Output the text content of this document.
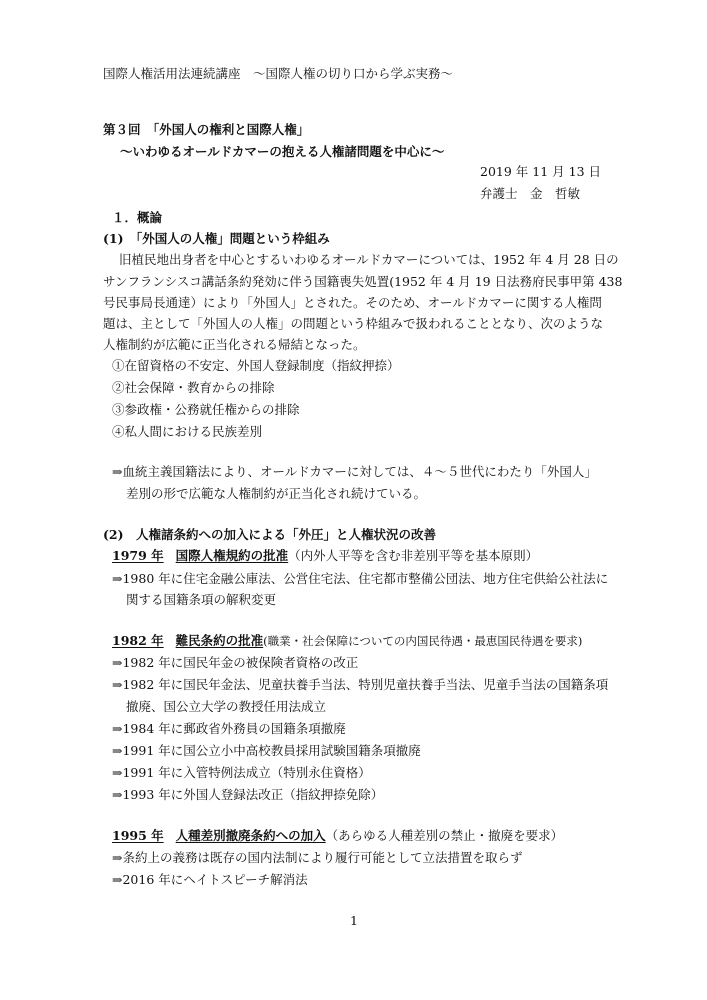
国際人権活用法連続講座　～国際人権の切り口から学ぶ実務～
第３回　「外国人の権利と国際人権」
～いわゆるオールドカマーの抱える人権諸問題を中心に～
2019 年 11 月 13 日
弁護士　金　哲敏
１．概論
(1)　「外国人の人権」問題という枠組み
旧植民地出身者を中心とするいわゆるオールドカマーについては、1952 年 4 月 28 日の
サンフランシスコ講話条約発効に伴う国籍喪失処置(1952 年 4 月 19 日法務府民事甲第 438
号民事局長通達）により「外国人」とされた。そのため、オールドカマーに関する人権問
題は、主として「外国人の人権」の問題という枠組みで扱われることとなり、次のような
人権制約が広範に正当化される帰結となった。
①在留資格の不安定、外国人登録制度（指紋押捺）
②社会保障・教育からの排除
③参政権・公務就任権からの排除
④私人間における民族差別
⇒血統主義国籍法により、オールドカマーに対しては、４～５世代にわたり「外国人」
差別の形で広範な人権制約が正当化され続けている。
(2)　人権諸条約への加入による「外圧」と人権状況の改善
1979 年 国際人権規約の批准（内外人平等を含む非差別平等を基本原則）
⇒1980 年に住宅金融公庫法、公営住宅法、住宅都市整備公団法、地方住宅供給公社法に
関する国籍条項の解釈変更
1982 年 難民条約の批准(職業・社会保障についての内国民待遇・最恵国民待遇を要求)
⇒1982 年に国民年金の被保険者資格の改正
⇒1982 年に国民年金法、児童扶養手当法、特別児童扶養手当法、児童手当法の国籍条項
撤廃、国公立大学の教授任用法成立
⇒1984 年に郵政省外務員の国籍条項撤廃
⇒1991 年に国公立小中高校教員採用試験国籍条項撤廃
⇒1991 年に入管特例法成立（特別永住資格）
⇒1993 年に外国人登録法改正（指紋押捺免除）
1995 年 人種差別撤廃条約への加入（あらゆる人種差別の禁止・撤廃を要求）
⇒条約上の義務は既存の国内法制により履行可能として立法措置を取らず
⇒2016 年にヘイトスピーチ解消法
1
